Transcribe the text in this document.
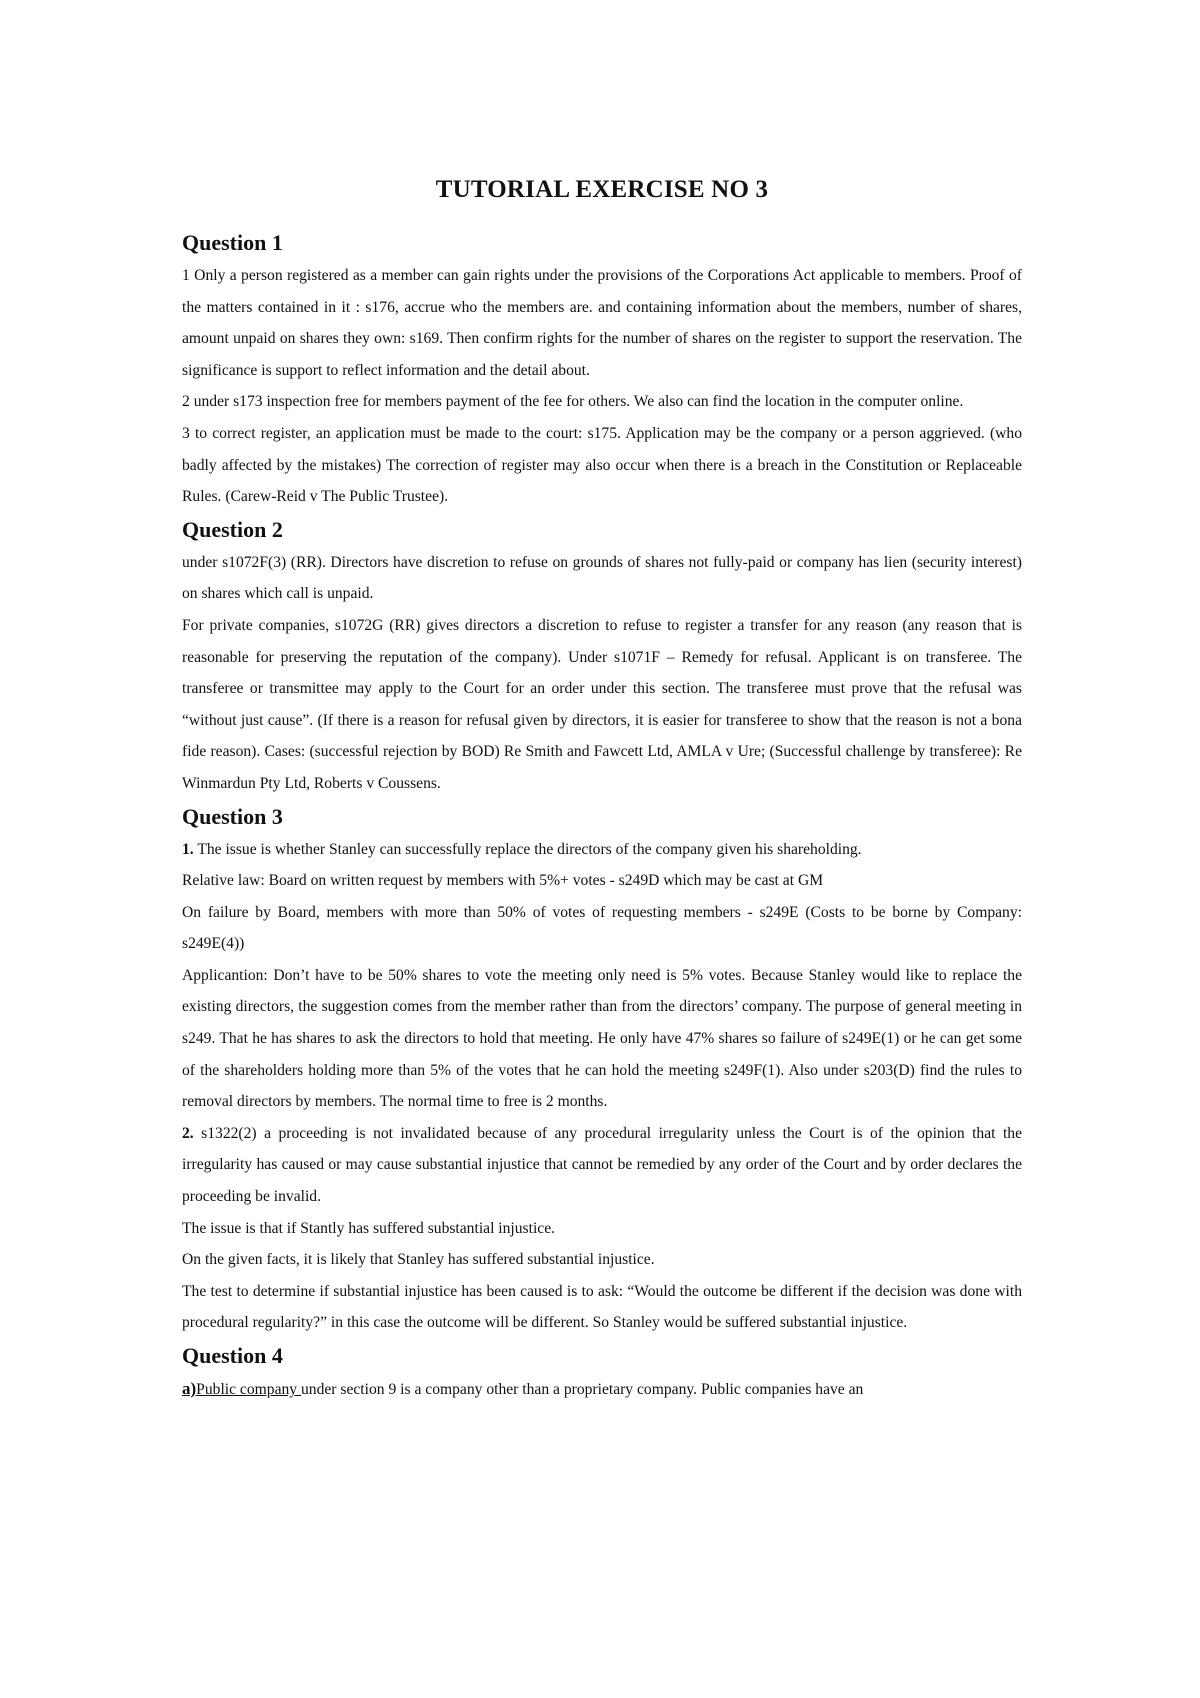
TUTORIAL EXERCISE NO 3
Question 1

1 Only a person registered as a member can gain rights under the provisions of the Corporations Act applicable to members. Proof of the matters contained in it : s176, accrue who the members are. and containing information about the members, number of shares, amount unpaid on shares they own: s169. Then confirm rights for the number of shares on the register to support the reservation. The significance is support to reflect information and the detail about.

2 under s173 inspection free for members payment of the fee for others. We also can find the location in the computer online.

3 to correct register, an application must be made to the court: s175. Application may be the company or a person aggrieved. (who badly affected by the mistakes) The correction of register may also occur when there is a breach in the Constitution or Replaceable Rules. (Carew-Reid v The Public Trustee).

Question 2

under s1072F(3) (RR). Directors have discretion to refuse on grounds of shares not fully-paid or company has lien (security interest) on shares which call is unpaid.

For private companies, s1072G (RR) gives directors a discretion to refuse to register a transfer for any reason (any reason that is reasonable for preserving the reputation of the company). Under s1071F – Remedy for refusal. Applicant is on transferee. The transferee or transmittee may apply to the Court for an order under this section. The transferee must prove that the refusal was “without just cause”. (If there is a reason for refusal given by directors, it is easier for transferee to show that the reason is not a bona fide reason). Cases: (successful rejection by BOD) Re Smith and Fawcett Ltd, AMLA v Ure; (Successful challenge by transferee): Re Winmardun Pty Ltd, Roberts v Coussens.

Question 3

1. The issue is whether Stanley can successfully replace the directors of the company given his shareholding.

Relative law: Board on written request by members with 5%+ votes - s249D which may be cast at GM

On failure by Board, members with more than 50% of votes of requesting members - s249E (Costs to be borne by Company: s249E(4))

Applicantion: Don’t have to be 50% shares to vote the meeting only need is 5% votes. Because Stanley would like to replace the existing directors, the suggestion comes from the member rather than from the directors’ company. The purpose of general meeting in s249. That he has shares to ask the directors to hold that meeting. He only have 47% shares so failure of s249E(1) or he can get some of the shareholders holding more than 5% of the votes that he can hold the meeting s249F(1). Also under s203(D) find the rules to removal directors by members. The normal time to free is 2 months.

2. s1322(2) a proceeding is not invalidated because of any procedural irregularity unless the Court is of the opinion that the irregularity has caused or may cause substantial injustice that cannot be remedied by any order of the Court and by order declares the proceeding be invalid.

The issue is that if Stantly has suffered substantial injustice.

On the given facts, it is likely that Stanley has suffered substantial injustice.

The test to determine if substantial injustice has been caused is to ask: “Would the outcome be different if the decision was done with procedural regularity?” in this case the outcome will be different. So Stanley would be suffered substantial injustice.

Question 4

a)Public company under section 9 is a company other than a proprietary company. Public companies have an
